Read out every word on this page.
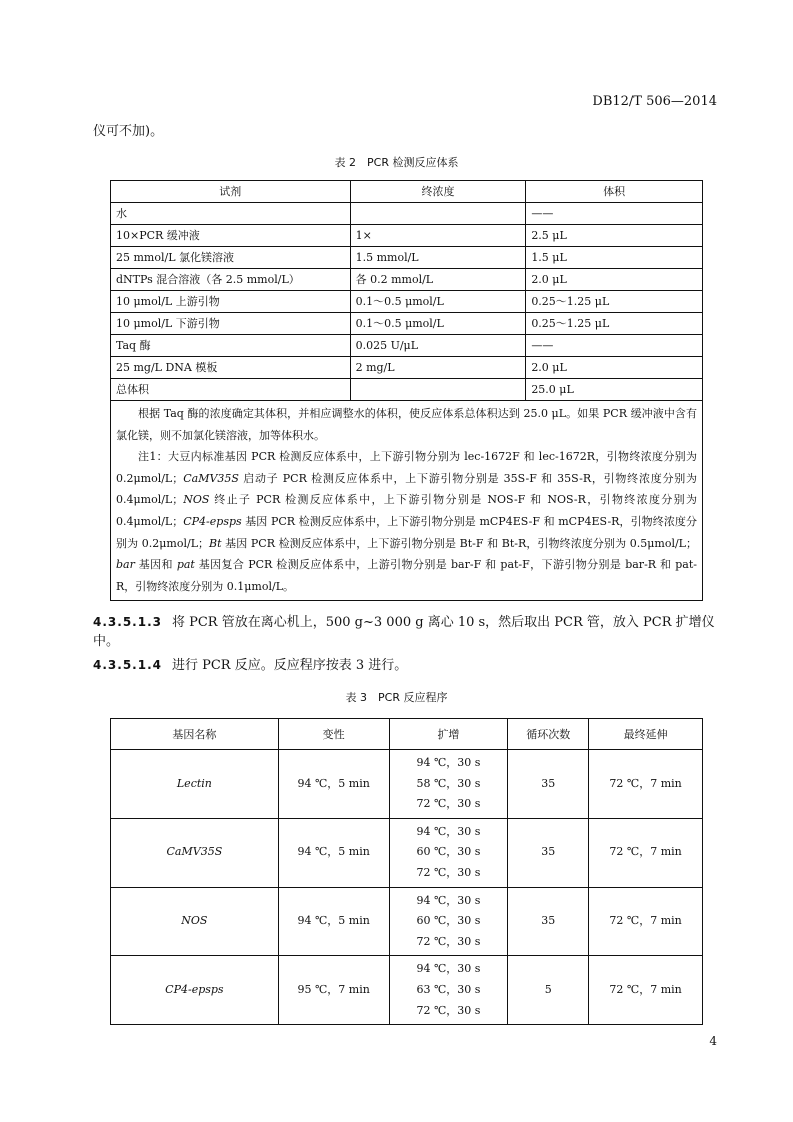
DB12/T 506—2014
仪可不加)。
表 2　PCR 检测反应体系
试剂	终浓度	体积
水		——
10×PCR 缓冲液	1×	2.5 μL
25 mmol/L 氯化镁溶液	1.5 mmol/L	1.5 μL
dNTPs 混合溶液（各 2.5 mmol/L）	各 0.2 mmol/L	2.0 μL
10 μmol/L 上游引物	0.1～0.5 μmol/L	0.25～1.25 μL
10 μmol/L 下游引物	0.1～0.5 μmol/L	0.25～1.25 μL
Taq 酶	0.025 U/μL	——
25 mg/L DNA 模板	2 mg/L	2.0 μL
总体积		25.0 μL

根据 Taq 酶的浓度确定其体积，并相应调整水的体积，使反应体系总体积达到 25.0 μL。如果 PCR 缓冲液中含有氯化镁，则不加氯化镁溶液，加等体积水。

注1：大豆内标准基因 PCR 检测反应体系中，上下游引物分别为 lec-1672F 和 lec-1672R，引物终浓度分别为 0.2μmol/L；CaMV35S 启动子 PCR 检测反应体系中，上下游引物分别是 35S-F 和 35S-R，引物终浓度分别为 0.4μmol/L；NOS 终止子 PCR 检测反应体系中，上下游引物分别是 NOS-F 和 NOS-R，引物终浓度分别为 0.4μmol/L；CP4-epsps 基因 PCR 检测反应体系中，上下游引物分别是 mCP4ES-F 和 mCP4ES-R，引物终浓度分别为 0.2μmol/L；Bt 基因 PCR 检测反应体系中，上下游引物分别是 Bt-F 和 Bt-R，引物终浓度分别为 0.5μmol/L；bar 基因和 pat 基因复合 PCR 检测反应体系中，上游引物分别是 bar-F 和 pat-F，下游引物分别是 bar-R 和 pat-R，引物终浓度分别为 0.1μmol/L。		

4.3.5.1.3 将 PCR 管放在离心机上，500 g~3 000 g 离心 10 s，然后取出 PCR 管，放入 PCR 扩增仪中。
4.3.5.1.4 进行 PCR 反应。反应程序按表 3 进行。
表 3　PCR 反应程序
基因名称	变性	扩增	循环次数	最终延伸
Lectin	94 ℃，5 min	94 ℃，30 s
58 ℃，30 s
72 ℃，30 s	35	72 ℃，7 min
CaMV35S	94 ℃，5 min	94 ℃，30 s
60 ℃，30 s
72 ℃，30 s	35	72 ℃，7 min
NOS	94 ℃，5 min	94 ℃，30 s
60 ℃，30 s
72 ℃，30 s	35	72 ℃，7 min
CP4-epsps	95 ℃，7 min	94 ℃，30 s
63 ℃，30 s
72 ℃，30 s	5	72 ℃，7 min
4
